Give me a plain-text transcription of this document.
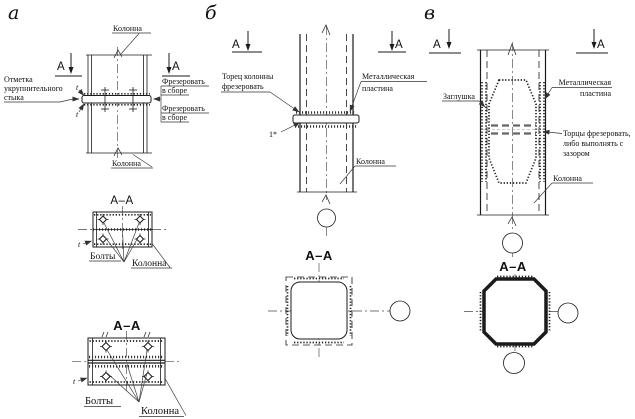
а
Колонна
А	А
Фрезеровать
в сборе
Фрезеровать
в сборе
Отметка
укрупнительного
стыка
t
t
Колонна
А–А
t
Болты
Колонна
А–А
t
Болты
Колонна
б
А	А
Торец колонны
фрезеровать
Металлическая
пластина
1*
Колонна
А–А
в
А	А
Заглушка
Металлическая
пластина
Торцы фрезеровать,
либо выполнять с
зазором
Колонна
А–А
